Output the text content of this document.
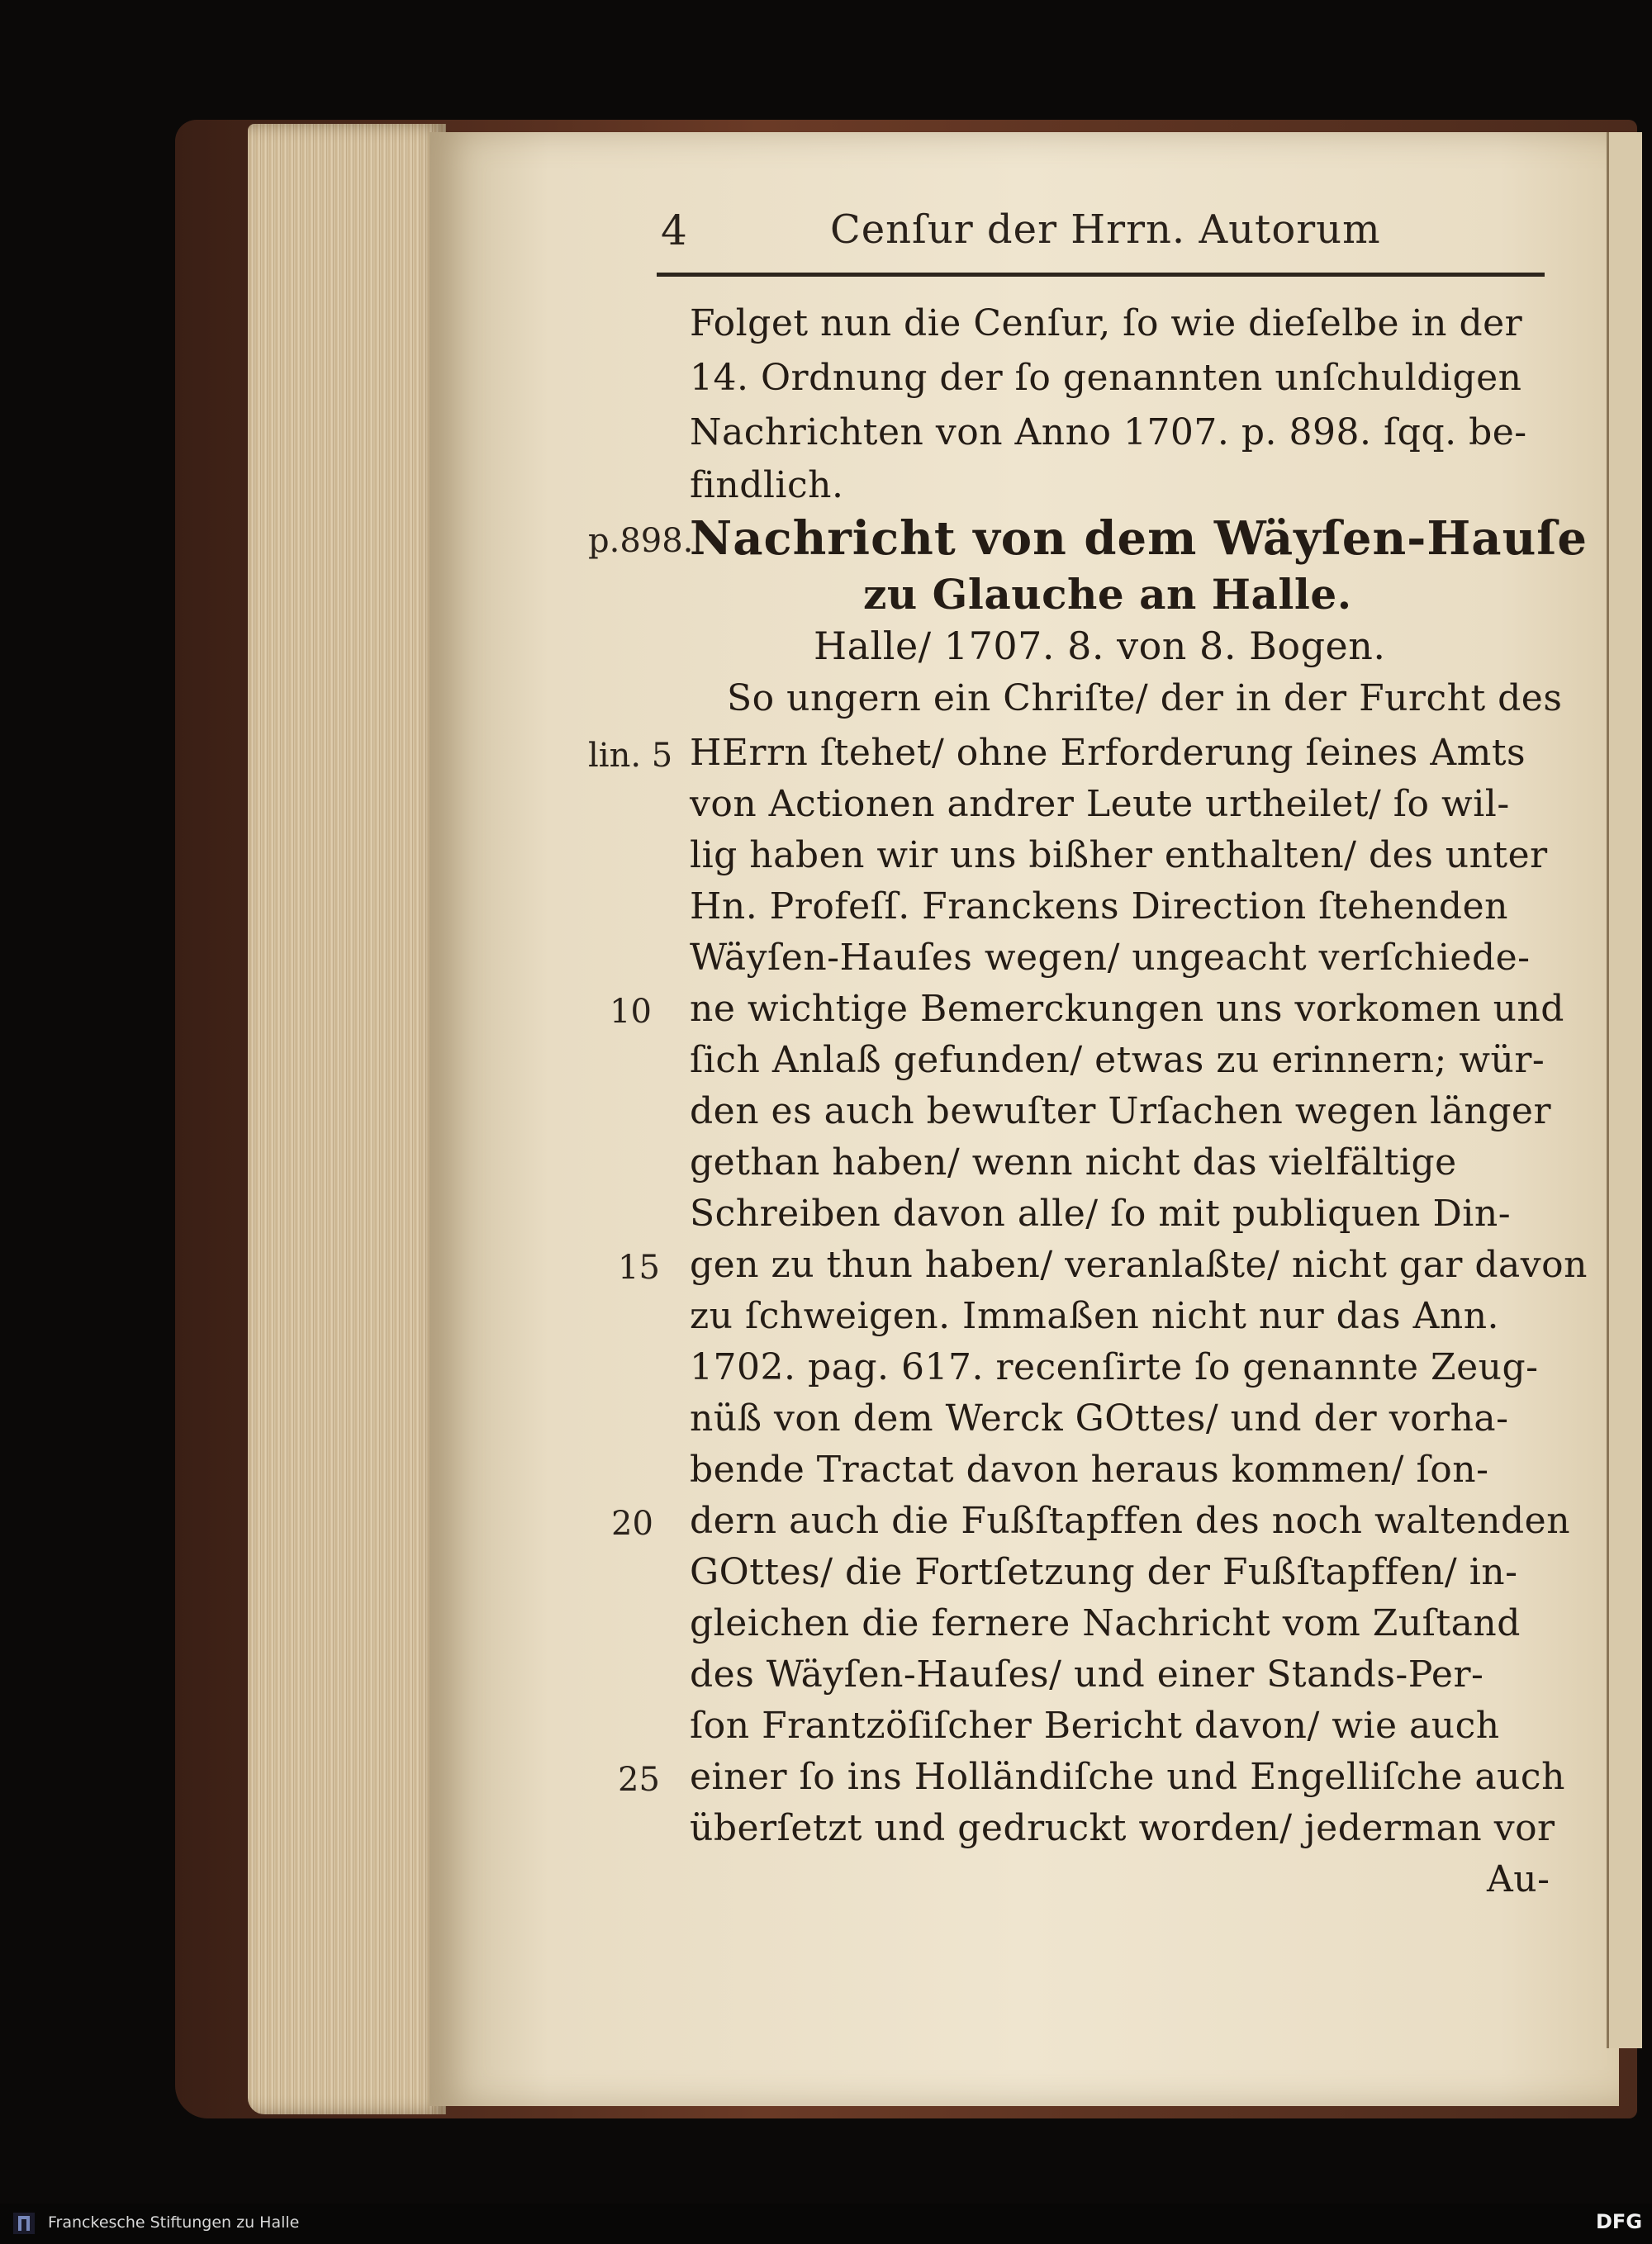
4	Cenſur der Hrrn. Autorum
Folget nun die Cenſur, ſo wie dieſelbe in der
14. Ordnung der ſo genannten unſchuldigen
Nachrichten von Anno 1707. p. 898. ſqq. be-
findlich.
Nachricht von dem Wäyſen-Hauſe
zu Glauche an Halle.
Halle/ 1707. 8. von 8. Bogen.
So ungern ein Chriſte/ der in der Furcht des
HErrn ſtehet/ ohne Erforderung ſeines Amts
von Actionen andrer Leute urtheilet/ ſo wil-
lig haben wir uns bißher enthalten/ des unter
Hn. Profeſſ. Franckens Direction ſtehenden
Wäyſen-Hauſes wegen/ ungeacht verſchiede-
ne wichtige Bemerckungen uns vorkomen und
ſich Anlaß gefunden/ etwas zu erinnern; wür-
den es auch bewuſter Urſachen wegen länger
gethan haben/ wenn nicht das vielfältige
Schreiben davon alle/ ſo mit publiquen Din-
gen zu thun haben/ veranlaßte/ nicht gar davon
zu ſchweigen. Immaßen nicht nur das Ann.
1702. pag. 617. recenſirte ſo genannte Zeug-
nüß von dem Werck GOttes/ und der vorha-
bende Tractat davon heraus kommen/ ſon-
dern auch die Fußſtapffen des noch waltenden
GOttes/ die Fortſetzung der Fußſtapffen/ in-
gleichen die fernere Nachricht vom Zuſtand
des Wäyſen-Hauſes/ und einer Stands-Per-
ſon Frantzöſiſcher Bericht davon/ wie auch
einer ſo ins Holländiſche und Engelliſche auch
überſetzt und gedruckt worden/ jederman vor
Au-
p.898.
lin. 5
10
15
20
25
Franckesche Stiftungen zu Halle	DFG
